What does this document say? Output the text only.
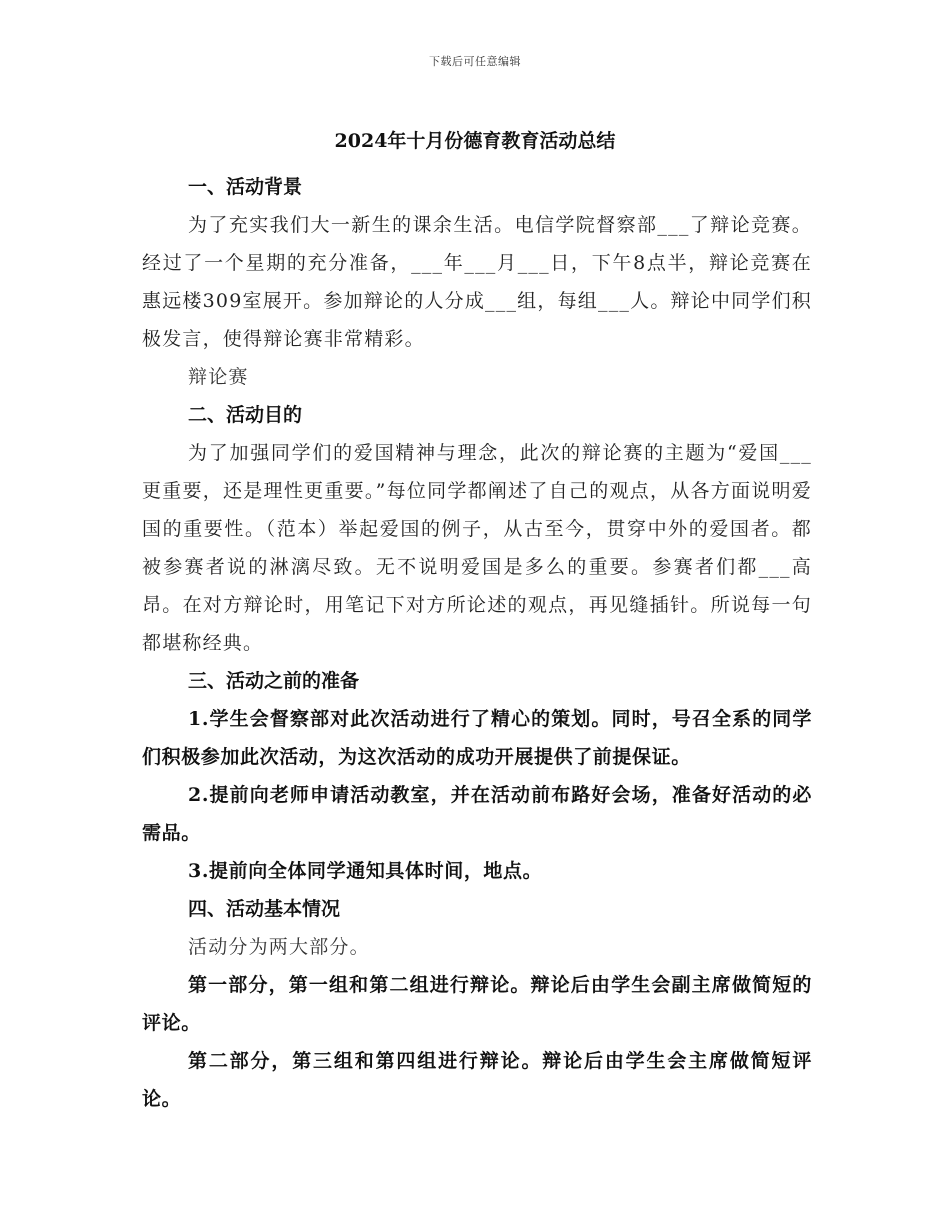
下载后可任意编辑
2024年十月份德育教育活动总结

一、活动背景

为了充实我们大一新生的课余生活。电信学院督察部___了辩论竞赛。经过了一个星期的充分准备，___年___月___日，下午8点半，辩论竞赛在惠远楼309室展开。参加辩论的人分成___组，每组___人。辩论中同学们积极发言，使得辩论赛非常精彩。

辩论赛

二、活动目的

为了加强同学们的爱国精神与理念，此次的辩论赛的主题为“爱国___更重要，还是理性更重要。”每位同学都阐述了自己的观点，从各方面说明爱国的重要性。（范本）举起爱国的例子，从古至今，贯穿中外的爱国者。都被参赛者说的淋漓尽致。无不说明爱国是多么的重要。参赛者们都___高昂。在对方辩论时，用笔记下对方所论述的观点，再见缝插针。所说每一句都堪称经典。

三、活动之前的准备

1.学生会督察部对此次活动进行了精心的策划。同时，号召全系的同学们积极参加此次活动，为这次活动的成功开展提供了前提保证。

2.提前向老师申请活动教室，并在活动前布路好会场，准备好活动的必需品。

3.提前向全体同学通知具体时间，地点。

四、活动基本情况

活动分为两大部分。

第一部分，第一组和第二组进行辩论。辩论后由学生会副主席做简短的评论。

第二部分，第三组和第四组进行辩论。辩论后由学生会主席做简短评论。
